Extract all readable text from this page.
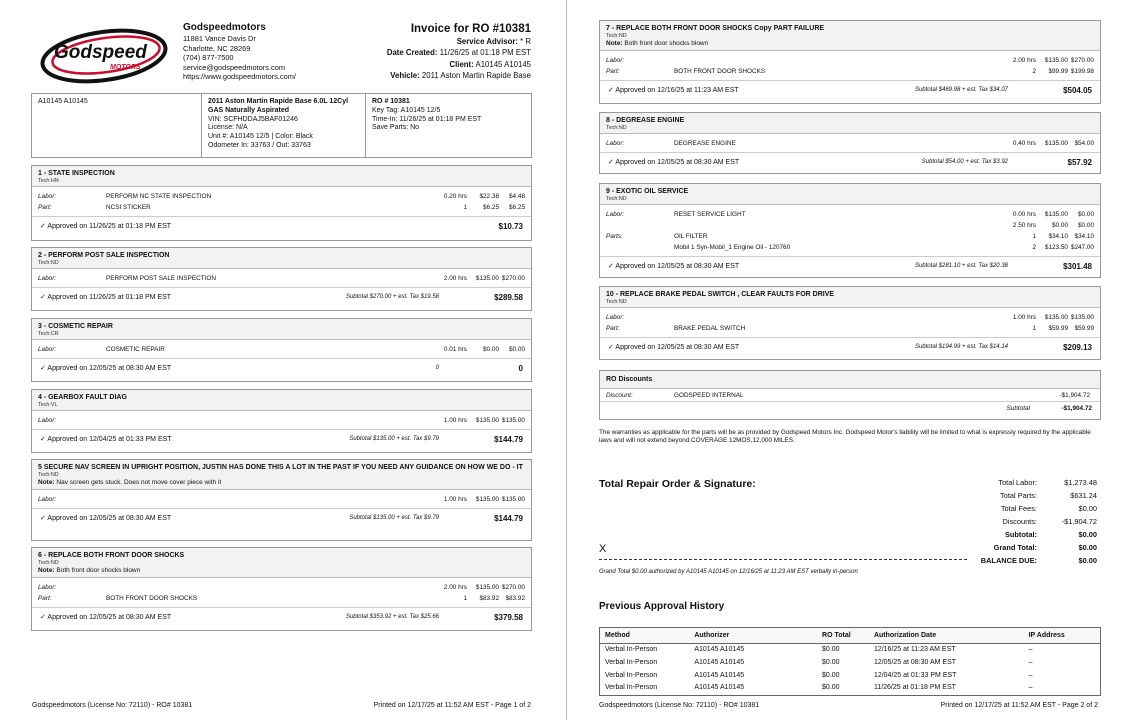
Godspeed
MOTORS
Godspeedmotors
11881 Vance Davis Dr
Charlotte, NC 28269
(704) 877-7500
service@godspeedmotors.com
https://www.godspeedmotors.com/
Invoice for RO #10381
Service Advisor: * R
Date Created: 11/26/25 at 01:18 PM EST
Client: A10145 A10145
Vehicle: 2011 Aston Martin Rapide Base
A10145 A10145	2011 Aston Martin Rapide Base 6.0L 12Cyl
GAS Naturally Aspirated
VIN: SCFHDDAJ5BAF01246
License: N/A
Unit #: A10145 12/5 | Color: Black
Odometer In: 33763 / Out: 33763
RO # 10381
Key Tag: A10145 12/5
Time-In: 11/26/25 at 01:18 PM EST
Save Parts: No
1 - STATE INSPECTION
Tech:HN
Labor:	PERFORM NC STATE INSPECTION	0.20 hrs $22.38 $4.48
Part:	NCSI STICKER	1	$6.25 $6.25
✓ Approved on 11/26/25 at 01:18 PM EST	$10.73
2 - PERFORM POST SALE INSPECTION
Tech:ND
Labor:	PERFORM POST SALE INSPECTION	2.00 hrs $135.00 $270.00
✓ Approved on 11/26/25 at 01:18 PM EST	Subtotal $270.00 + est. Tax $19.58	$289.58
3 - COSMETIC REPAIR
Tech:CR
Labor:	COSMETIC REPAIR	0.01 hrs	$0.00 $0.00
✓ Approved on 12/05/25 at 08:30 AM EST	0	0
4 - GEARBOX FAULT DIAG
Tech:VL
Labor:	1.00 hrs $135.00 $135.00
✓ Approved on 12/04/25 at 01:33 PM EST	Subtotal $135.00 + est. Tax $9.79	$144.79
5 SECURE NAV SCREEN IN UPRIGHT POSITION, JUSTIN HAS DONE THIS A LOT IN THE PAST IF YOU NEED ANY GUIDANCE ON HOW WE DO - IT
Tech:ND
Note: Nav screen gets stuck. Does not move cover piece with it
Labor:	1.00 hrs $135.00 $135.00
✓ Approved on 12/05/25 at 08:30 AM EST	Subtotal $135.00 + est. Tax $9.79	$144.79
6 - REPLACE BOTH FRONT DOOR SHOCKS
Tech:ND
Note: Both front door shocks blown
Labor:	2.00 hrs $135.00 $270.00
Part:	BOTH FRONT DOOR SHOCKS	1 $83.92 $83.92
✓ Approved on 12/05/25 at 08:30 AM EST	Subtotal $353.92 + est. Tax $25.66	$379.58
Godspeedmotors (License No: 72110) - RO# 10381	Printed on 12/17/25 at 11:52 AM EST - Page 1 of 2
7 - REPLACE BOTH FRONT DOOR SHOCKS Copy PART FAILURE
Tech:ND
Note: Both front door shocks blown
Labor:	2.00 hrs $135.00 $270.00
Part:	BOTH FRONT DOOR SHOCKS	2 $99.99 $199.98
✓ Approved on 12/16/25 at 11:23 AM EST	Subtotal $469.98 + est. Tax $34.07	$504.05
8 - DEGREASE ENGINE
Tech:ND
Labor:	DEGREASE ENGINE	0.40 hrs $135.00 $54.00
✓ Approved on 12/05/25 at 08:30 AM EST	Subtotal $54.00 + est. Tax $3.92	$57.92
9 - EXOTIC OIL SERVICE
Tech:ND
Labor:	RESET SERVICE LIGHT	0.00 hrs $135.00 $0.00
2.50 hrs	$0.00 $0.00
Parts:	OIL FILTER	1 $34.10 $34.10
Mobil 1 Syn-Mobil_1 Engine Oil - 120760	2 $123.50 $247.00
✓ Approved on 12/05/25 at 08:30 AM EST	Subtotal $281.10 + est. Tax $20.38	$301.48
10 - REPLACE BRAKE PEDAL SWITCH , CLEAR FAULTS FOR DRIVE
Tech:ND
Labor:	1.00 hrs $135.00 $135.00
Part:	BRAKE PEDAL SWITCH	1 $59.99 $59.99
✓ Approved on 12/05/25 at 08:30 AM EST	Subtotal $194.99 + est. Tax $14.14	$209.13
RO Discounts
Discount:	GODSPEED INTERNAL	-$1,904.72
Subtotal	-$1,904.72
The warranties as applicable for the parts will be as provided by Godspeed Motors Inc. Godspeed Motor's liability will be limited to what is expressly required by the applicable laws and will not extend beyond.COVERAGE 12MOS,12,000 MILES.
Total Repair Order & Signature:	Total Labor:	$1,273.48
Total Parts:	$631.24
Total Fees:	$0.00
Discounts:	-$1,904.72
Subtotal:	$0.00
Grand Total:	$0.00
BALANCE DUE:	$0.00
X
Grand Total $0.00 authorized by A10145 A10145 on 12/16/25 at 11:23 AM EST verbally in-person
Previous Approval History
Method	Authorizer	RO Total	Authorization Date	IP Address
Verbal In-Person	A10145 A10145	$0.00	12/16/25 at 11:23 AM EST	–
Verbal In-Person	A10145 A10145	$0.00	12/05/25 at 08:30 AM EST	–
Verbal In-Person	A10145 A10145	$0.00	12/04/25 at 01:33 PM EST	–
Verbal In-Person	A10145 A10145	$0.00	11/26/25 at 01:18 PM EST	–
Godspeedmotors (License No: 72110) - RO# 10381	Printed on 12/17/25 at 11:52 AM EST - Page 2 of 2
